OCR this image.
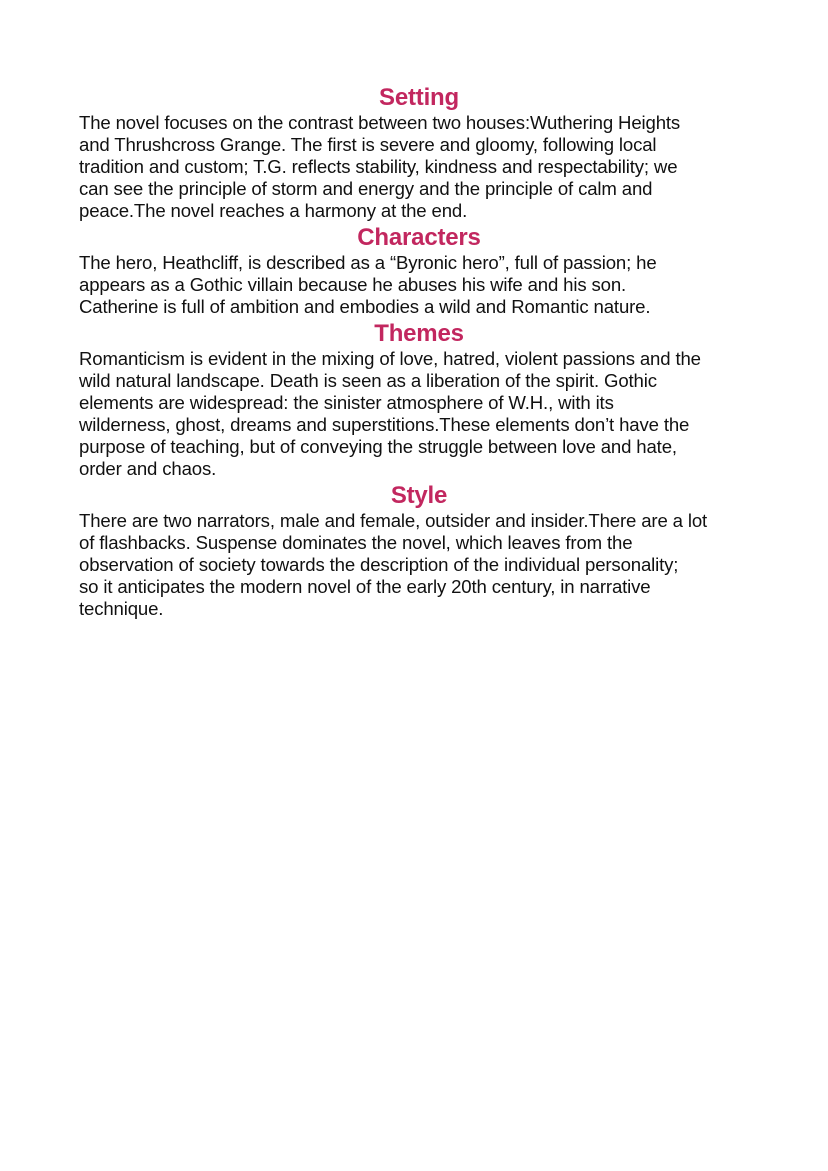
Setting

The novel focuses on the contrast between two houses:Wuthering Heights
and Thrushcross Grange. The first is severe and gloomy, following local
tradition and custom; T.G. reflects stability, kindness and respectability; we
can see the principle of storm and energy and the principle of calm and
peace.The novel reaches a harmony at the end.

Characters

The hero, Heathcliff, is described as a “Byronic hero”, full of passion; he
appears as a Gothic villain because he abuses his wife and his son.
Catherine is full of ambition and embodies a wild and Romantic nature.

Themes

Romanticism is evident in the mixing of love, hatred, violent passions and the
wild natural landscape. Death is seen as a liberation of the spirit. Gothic
elements are widespread: the sinister atmosphere of W.H., with its
wilderness, ghost, dreams and superstitions.These elements don’t have the
purpose of teaching, but of conveying the struggle between love and hate,
order and chaos.

Style

There are two narrators, male and female, outsider and insider.There are a lot
of flashbacks. Suspense dominates the novel, which leaves from the
observation of society towards the description of the individual personality;
so it anticipates the modern novel of the early 20th century, in narrative
technique.
